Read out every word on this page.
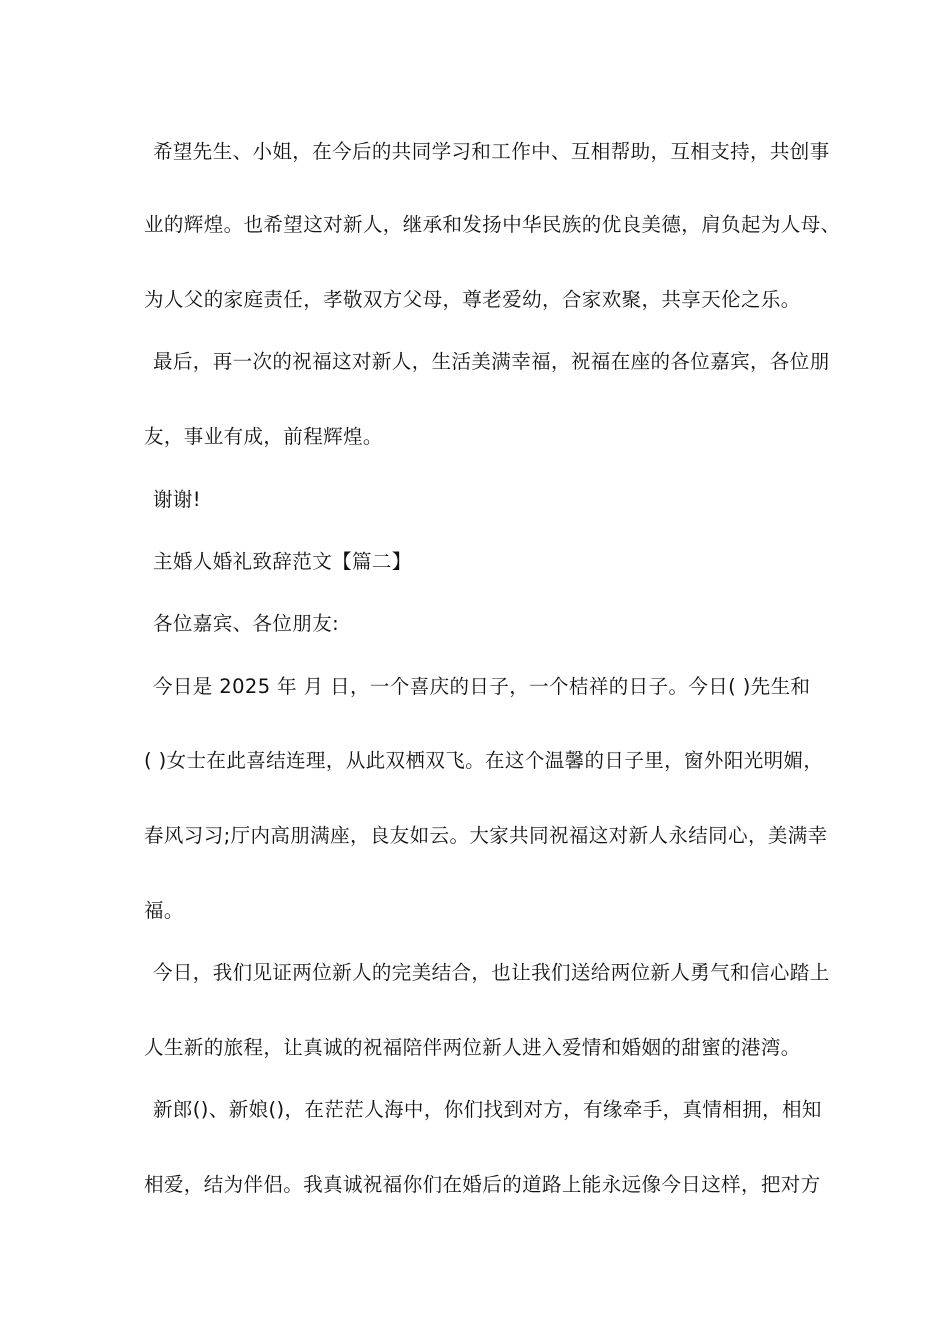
希望先生、小姐，在今后的共同学习和工作中、互相帮助，互相支持，共创事
业的辉煌。也希望这对新人，继承和发扬中华民族的优良美德，肩负起为人母、
为人父的家庭责任，孝敬双方父母，尊老爱幼，合家欢聚，共享天伦之乐。
最后，再一次的祝福这对新人，生活美满幸福，祝福在座的各位嘉宾，各位朋
友，事业有成，前程辉煌。
谢谢!
主婚人婚礼致辞范文【篇二】
各位嘉宾、各位朋友:
今日是 2025 年 月 日，一个喜庆的日子，一个桔祥的日子。今日( )先生和
( )女士在此喜结连理，从此双栖双飞。在这个温馨的日子里，窗外阳光明媚，
春风习习;厅内高朋满座，良友如云。大家共同祝福这对新人永结同心，美满幸
福。
今日，我们见证两位新人的完美结合，也让我们送给两位新人勇气和信心踏上
人生新的旅程，让真诚的祝福陪伴两位新人进入爱情和婚姻的甜蜜的港湾。
新郎()、新娘()，在茫茫人海中，你们找到对方，有缘牵手，真情相拥，相知
相爱，结为伴侣。我真诚祝福你们在婚后的道路上能永远像今日这样，把对方
